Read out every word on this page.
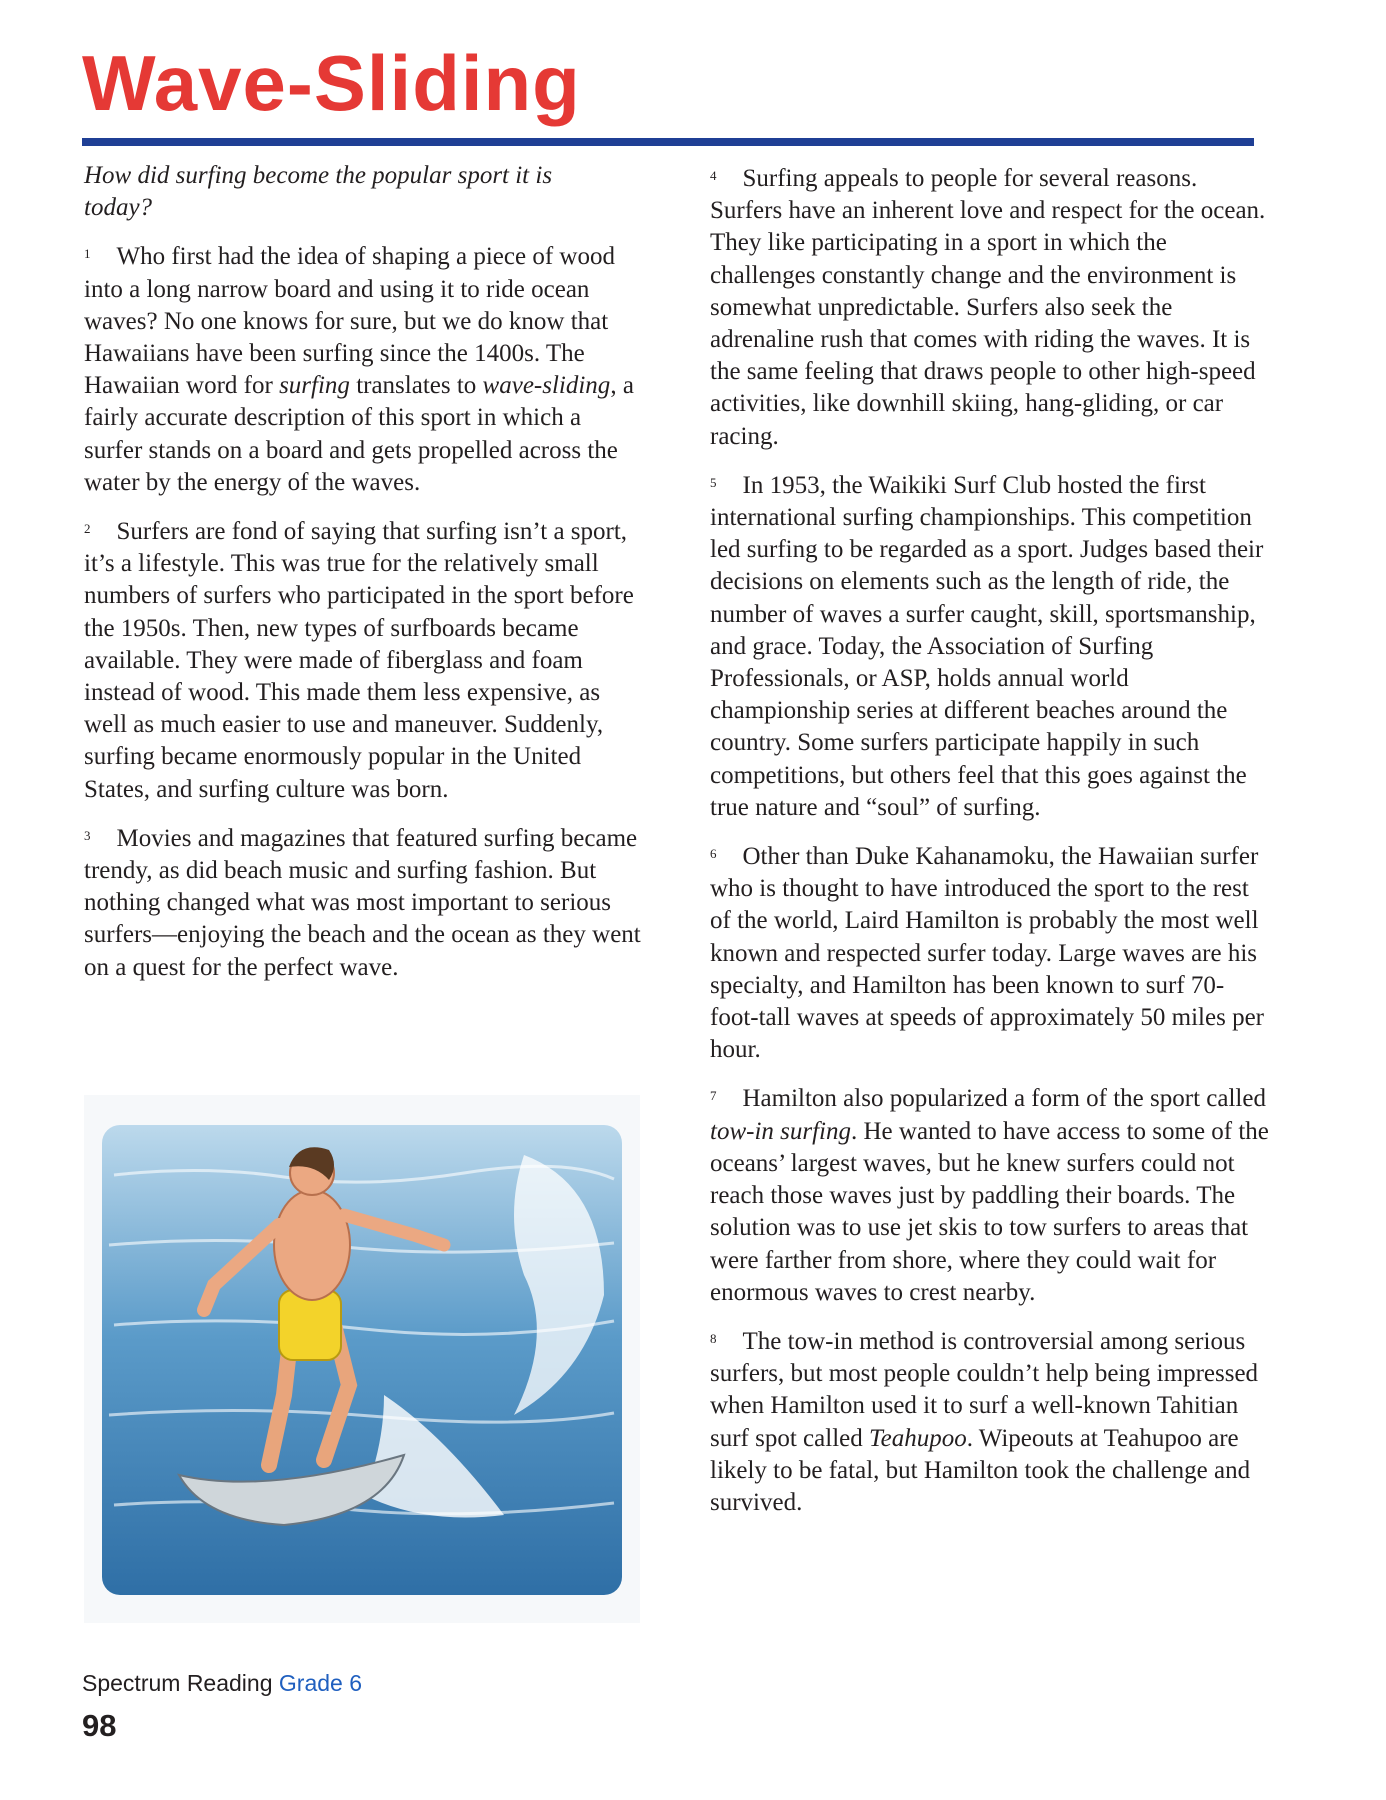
Wave-Sliding

How did surfing become the popular sport it is today?

$^1$ Who first had the idea of shaping a piece of wood into a long narrow board and using it to ride ocean waves? No one knows for sure, but we do know that Hawaiians have been surfing since the 1400s. The Hawaiian word for surfing translates to wave-sliding, a fairly accurate description of this sport in which a surfer stands on a board and gets propelled across the water by the energy of the waves.

$^2$ Surfers are fond of saying that surfing isn’t a sport, it’s a lifestyle. This was true for the relatively small numbers of surfers who participated in the sport before the 1950s. Then, new types of surfboards became available. They were made of fiberglass and foam instead of wood. This made them less expensive, as well as much easier to use and maneuver. Suddenly, surfing became enormously popular in the United States, and surfing culture was born.

$^3$ Movies and magazines that featured surfing became trendy, as did beach music and surfing fashion. But nothing changed what was most important to serious surfers—enjoying the beach and the ocean as they went on a quest for the perfect wave.

$^4$ Surfing appeals to people for several reasons. Surfers have an inherent love and respect for the ocean. They like participating in a sport in which the challenges constantly change and the environment is somewhat unpredictable. Surfers also seek the adrenaline rush that comes with riding the waves. It is the same feeling that draws people to other high-speed activities, like downhill skiing, hang-gliding, or car racing.

$^5$ In 1953, the Waikiki Surf Club hosted the first international surfing championships. This competition led surfing to be regarded as a sport. Judges based their decisions on elements such as the length of ride, the number of waves a surfer caught, skill, sportsmanship, and grace. Today, the Association of Surfing Professionals, or ASP, holds annual world championship series at different beaches around the country. Some surfers participate happily in such competitions, but others feel that this goes against the true nature and “soul” of surfing.

$^6$ Other than Duke Kahanamoku, the Hawaiian surfer who is thought to have introduced the sport to the rest of the world, Laird Hamilton is probably the most well known and respected surfer today. Large waves are his specialty, and Hamilton has been known to surf 70-foot-tall waves at speeds of approximately 50 miles per hour.

$^7$ Hamilton also popularized a form of the sport called tow-in surfing. He wanted to have access to some of the oceans’ largest waves, but he knew surfers could not reach those waves just by paddling their boards. The solution was to use jet skis to tow surfers to areas that were farther from shore, where they could wait for enormous waves to crest nearby.

$^8$ The tow-in method is controversial among serious surfers, but most people couldn’t help being impressed when Hamilton used it to surf a well-known Tahitian surf spot called Teahupoo. Wipeouts at Teahupoo are likely to be fatal, but Hamilton took the challenge and survived.

Spectrum Reading Grade 6
98
